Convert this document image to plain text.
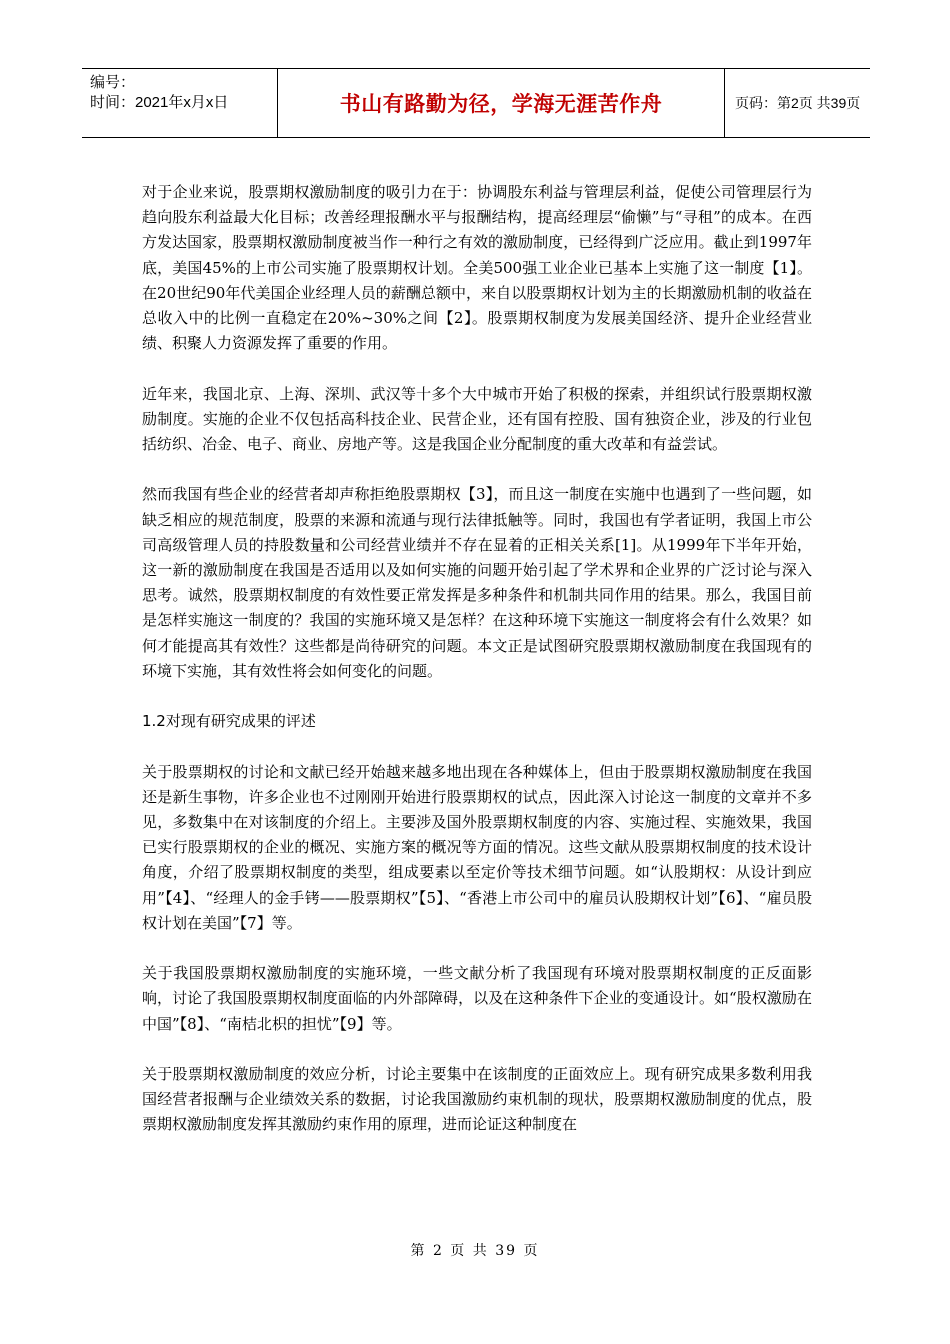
编号：
时间：2021年x月x日	书山有路勤为径，学海无涯苦作舟	页码：第2页 共39页

对于企业来说，股票期权激励制度的吸引力在于：协调股东利益与管理层利益，促使公司管理层行为趋向股东利益最大化目标；改善经理报酬水平与报酬结构，提高经理层“偷懒”与“寻租”的成本。在西方发达国家，股票期权激励制度被当作一种行之有效的激励制度，已经得到广泛应用。截止到1997年底，美国45%的上市公司实施了股票期权计划。全美500强工业企业已基本上实施了这一制度【1】。在20世纪90年代美国企业经理人员的薪酬总额中，来自以股票期权计划为主的长期激励机制的收益在总收入中的比例一直稳定在20%~30%之间【2】。股票期权制度为发展美国经济、提升企业经营业绩、积聚人力资源发挥了重要的作用。

近年来，我国北京、上海、深圳、武汉等十多个大中城市开始了积极的探索，并组织试行股票期权激励制度。实施的企业不仅包括高科技企业、民营企业，还有国有控股、国有独资企业，涉及的行业包括纺织、冶金、电子、商业、房地产等。这是我国企业分配制度的重大改革和有益尝试。

然而我国有些企业的经营者却声称拒绝股票期权【3】，而且这一制度在实施中也遇到了一些问题，如缺乏相应的规范制度，股票的来源和流通与现行法律抵触等。同时，我国也有学者证明，我国上市公司高级管理人员的持股数量和公司经营业绩并不存在显着的正相关关系[1]。从1999年下半年开始，这一新的激励制度在我国是否适用以及如何实施的问题开始引起了学术界和企业界的广泛讨论与深入思考。诚然，股票期权制度的有效性要正常发挥是多种条件和机制共同作用的结果。那么，我国目前是怎样实施这一制度的？我国的实施环境又是怎样？在这种环境下实施这一制度将会有什么效果？如何才能提高其有效性？这些都是尚待研究的问题。本文正是试图研究股票期权激励制度在我国现有的环境下实施，其有效性将会如何变化的问题。

1.2对现有研究成果的评述

关于股票期权的讨论和文献已经开始越来越多地出现在各种媒体上，但由于股票期权激励制度在我国还是新生事物，许多企业也不过刚刚开始进行股票期权的试点，因此深入讨论这一制度的文章并不多见，多数集中在对该制度的介绍上。主要涉及国外股票期权制度的内容、实施过程、实施效果，我国已实行股票期权的企业的概况、实施方案的概况等方面的情况。这些文献从股票期权制度的技术设计角度，介绍了股票期权制度的类型，组成要素以至定价等技术细节问题。如“认股期权：从设计到应用”【4】、“经理人的金手铐——股票期权”【5】、“香港上市公司中的雇员认股期权计划”【6】、“雇员股权计划在美国”【7】等。

关于我国股票期权激励制度的实施环境，一些文献分析了我国现有环境对股票期权制度的正反面影响，讨论了我国股票期权制度面临的内外部障碍，以及在这种条件下企业的变通设计。如“股权激励在中国”【8】、“南桔北枳的担忧”【9】等。

关于股票期权激励制度的效应分析，讨论主要集中在该制度的正面效应上。现有研究成果多数利用我国经营者报酬与企业绩效关系的数据，讨论我国激励约束机制的现状，股票期权激励制度的优点，股票期权激励制度发挥其激励约束作用的原理，进而论证这种制度在

第 2 页 共 39 页
